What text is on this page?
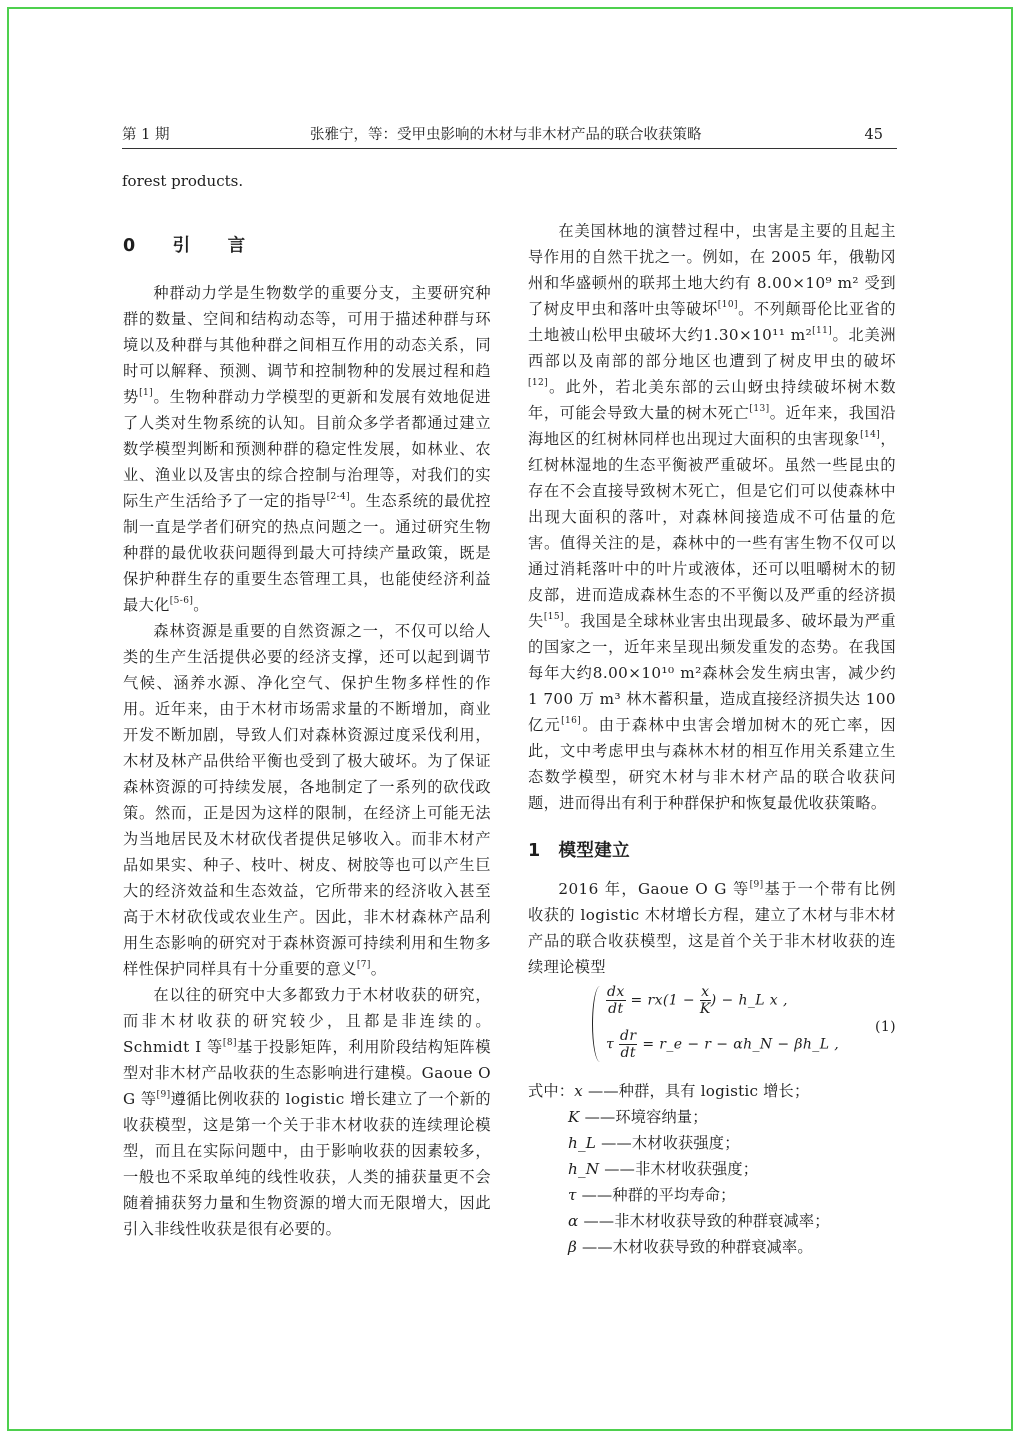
第 1 期	张雅宁，等：受甲虫影响的木材与非木材产品的联合收获策略	45
forest products.
0　引　言

种群动力学是生物数学的重要分支，主要研究种群的数量、空间和结构动态等，可用于描述种群与环境以及种群与其他种群之间相互作用的动态关系，同时可以解释、预测、调节和控制物种的发展过程和趋势[1]。生物种群动力学模型的更新和发展有效地促进了人类对生物系统的认知。目前众多学者都通过建立数学模型判断和预测种群的稳定性发展，如林业、农业、渔业以及害虫的综合控制与治理等，对我们的实际生产生活给予了一定的指导[2-4]。生态系统的最优控制一直是学者们研究的热点问题之一。通过研究生物种群的最优收获问题得到最大可持续产量政策，既是保护种群生存的重要生态管理工具，也能使经济利益最大化[5-6]。

森林资源是重要的自然资源之一，不仅可以给人类的生产生活提供必要的经济支撑，还可以起到调节气候、涵养水源、净化空气、保护生物多样性的作用。近年来，由于木材市场需求量的不断增加，商业开发不断加剧，导致人们对森林资源过度采伐利用，木材及林产品供给平衡也受到了极大破坏。为了保证森林资源的可持续发展，各地制定了一系列的砍伐政策。然而，正是因为这样的限制，在经济上可能无法为当地居民及木材砍伐者提供足够收入。而非木材产品如果实、种子、枝叶、树皮、树胶等也可以产生巨大的经济效益和生态效益，它所带来的经济收入甚至高于木材砍伐或农业生产。因此，非木材森林产品利用生态影响的研究对于森林资源可持续利用和生物多样性保护同样具有十分重要的意义[7]。

在以往的研究中大多都致力于木材收获的研究，而非木材收获的研究较少，且都是非连续的。Schmidt I 等[8]基于投影矩阵，利用阶段结构矩阵模型对非木材产品收获的生态影响进行建模。Gaoue O G 等[9]遵循比例收获的 logistic 增长建立了一个新的收获模型，这是第一个关于非木材收获的连续理论模型，而且在实际问题中，由于影响收获的因素较多，一般也不采取单纯的线性收获，人类的捕获量更不会随着捕获努力量和生物资源的增大而无限增大，因此引入非线性收获是很有必要的。

在美国林地的演替过程中，虫害是主要的且起主导作用的自然干扰之一。例如，在 2005 年，俄勒冈州和华盛顿州的联邦土地大约有 8.00×10⁹ m² 受到了树皮甲虫和落叶虫等破坏[10]。不列颠哥伦比亚省的土地被山松甲虫破坏大约1.30×10¹¹ m²[11]。北美洲西部以及南部的部分地区也遭到了树皮甲虫的破坏[12]。此外，若北美东部的云山蚜虫持续破坏树木数年，可能会导致大量的树木死亡[13]。近年来，我国沿海地区的红树林同样也出现过大面积的虫害现象[14]，红树林湿地的生态平衡被严重破坏。虽然一些昆虫的存在不会直接导致树木死亡，但是它们可以使森林中出现大面积的落叶，对森林间接造成不可估量的危害。值得关注的是，森林中的一些有害生物不仅可以通过消耗落叶中的叶片或液体，还可以咀嚼树木的韧皮部，进而造成森林生态的不平衡以及严重的经济损失[15]。我国是全球林业害虫出现最多、破坏最为严重的国家之一，近年来呈现出频发重发的态势。在我国每年大约8.00×10¹⁰ m²森林会发生病虫害，减少约 1 700 万 m³ 林木蓄积量，造成直接经济损失达 100 亿元[16]。由于森林中虫害会增加树木的死亡率，因此，文中考虑甲虫与森林木材的相互作用关系建立生态数学模型，研究木材与非木材产品的联合收获问题，进而得出有利于种群保护和恢复最优收获策略。

1　模型建立

2016 年，Gaoue O G 等[9]基于一个带有比例收获的 logistic 木材增长方程，建立了木材与非木材产品的联合收获模型，这是首个关于非木材收获的连续理论模型

$\frac{dx}{dt} = rx(1 - \frac{x}{K}$ ) − h_L x ,
τ $\frac{dr}{dt}$ = r_e − r − αh_N − βh_L ,
(1)
式中：x ——种群，具有 logistic 增长；
K ——环境容纳量；
h_L ——木材收获强度；
h_N ——非木材收获强度；
τ ——种群的平均寿命；
α ——非木材收获导致的种群衰减率；
β ——木材收获导致的种群衰减率。
